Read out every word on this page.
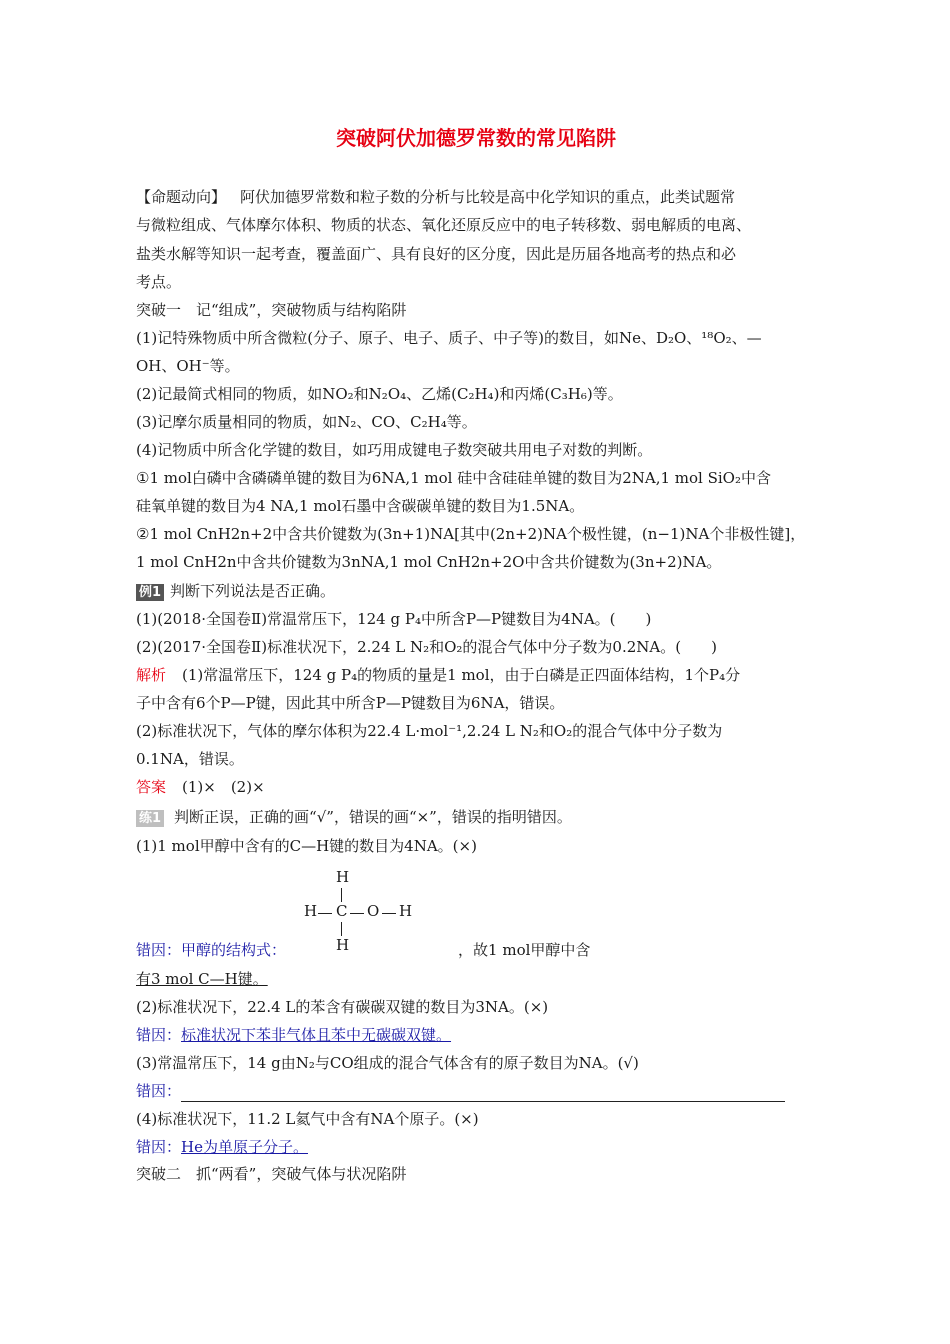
突破阿伏加德罗常数的常见陷阱
【命题动向】 阿伏加德罗常数和粒子数的分析与比较是高中化学知识的重点，此类试题常
与微粒组成、气体摩尔体积、物质的状态、氧化还原反应中的电子转移数、弱电解质的电离、
盐类水解等知识一起考查，覆盖面广、具有良好的区分度，因此是历届各地高考的热点和必
考点。
突破一　记“组成”，突破物质与结构陷阱
(1)记特殊物质中所含微粒(分子、原子、电子、质子、中子等)的数目，如Ne、D₂O、¹⁸O₂、—
OH、OH⁻等。
(2)记最简式相同的物质，如NO₂和N₂O₄、乙烯(C₂H₄)和丙烯(C₃H₆)等。
(3)记摩尔质量相同的物质，如N₂、CO、C₂H₄等。
(4)记物质中所含化学键的数目，如巧用成键电子数突破共用电子对数的判断。
①1 mol白磷中含磷磷单键的数目为6NA,1 mol 硅中含硅硅单键的数目为2NA,1 mol SiO₂中含
硅氧单键的数目为4 NA,1 mol石墨中含碳碳单键的数目为1.5NA。
②1 mol CnH2n+2中含共价键数为(3n+1)NA[其中(2n+2)NA个极性键，(n−1)NA个非极性键]，
1 mol CnH2n中含共价键数为3nNA,1 mol CnH2n+2O中含共价键数为(3n+2)NA。
例1 判断下列说法是否正确。
(1)(2018·全国卷Ⅱ)常温常压下，124 g P₄中所含P—P键数目为4NA。(　　)
(2)(2017·全国卷Ⅱ)标准状况下，2.24 L N₂和O₂的混合气体中分子数为0.2NA。(　　)
解析 (1)常温常压下，124 g P₄的物质的量是1 mol，由于白磷是正四面体结构，1个P₄分
子中含有6个P—P键，因此其中所含P—P键数目为6NA，错误。
(2)标准状况下，气体的摩尔体积为22.4 L·mol⁻¹,2.24 L N₂和O₂的混合气体中分子数为
0.1NA，错误。
答案 (1)×　(2)×
练1 判断正误，正确的画“√”，错误的画“×”，错误的指明错因。
(1)1 mol甲醇中含有的C—H键的数目为4NA。(×)
H
H C O H
H
错因：甲醇的结构式：	，故1 mol甲醇中含
有3 mol C—H键。
(2)标准状况下，22.4 L的苯含有碳碳双键的数目为3NA。(×)
错因：标准状况下苯非气体且苯中无碳碳双键。
(3)常温常压下，14 g由N₂与CO组成的混合气体含有的原子数目为NA。(√)
错因：
(4)标准状况下，11.2 L氦气中含有NA个原子。(×)
错因：He为单原子分子。
突破二　抓“两看”，突破气体与状况陷阱
